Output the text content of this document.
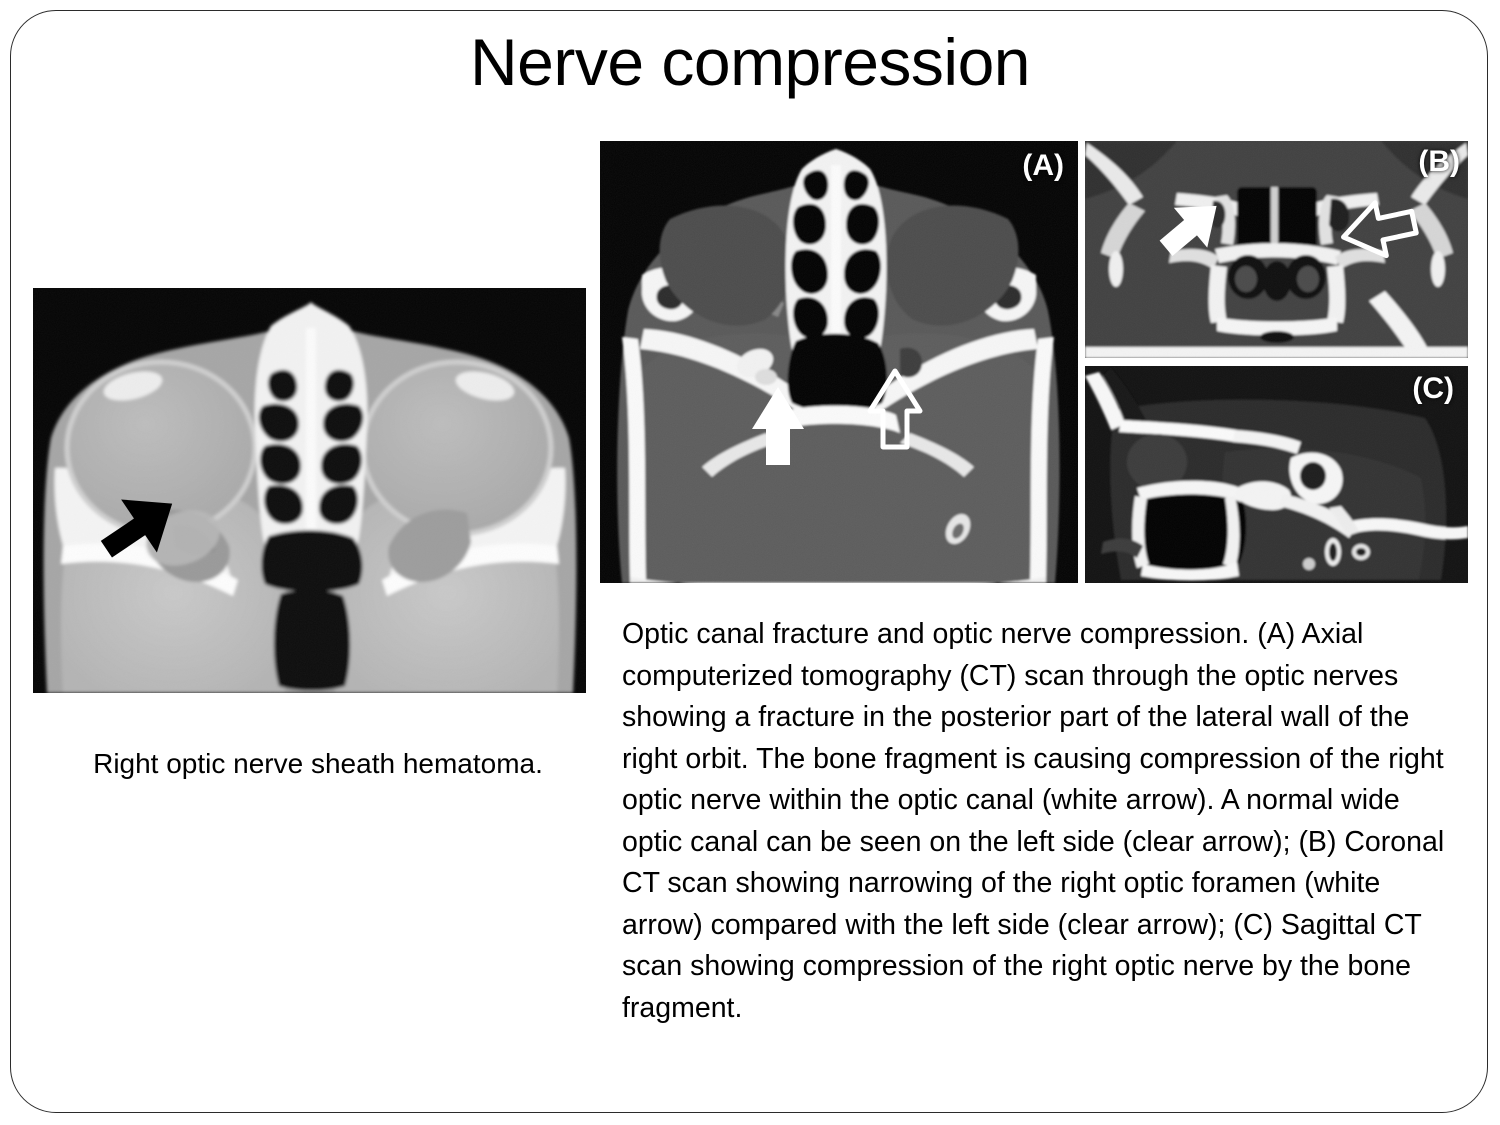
Nerve compression
Right optic nerve sheath hematoma.
(A)	(B)
(C)
Optic canal fracture and optic nerve compression. (A) Axial computerized tomography (CT) scan through the optic nerves showing a fracture in the posterior part of the lateral wall of the right orbit. The bone fragment is causing compression of the right optic nerve within the optic canal (white arrow). A normal wide optic canal can be seen on the left side (clear arrow); (B) Coronal CT scan showing narrowing of the right optic foramen (white arrow) compared with the left side (clear arrow); (C) Sagittal CT scan showing compression of the right optic nerve by the bone fragment.
